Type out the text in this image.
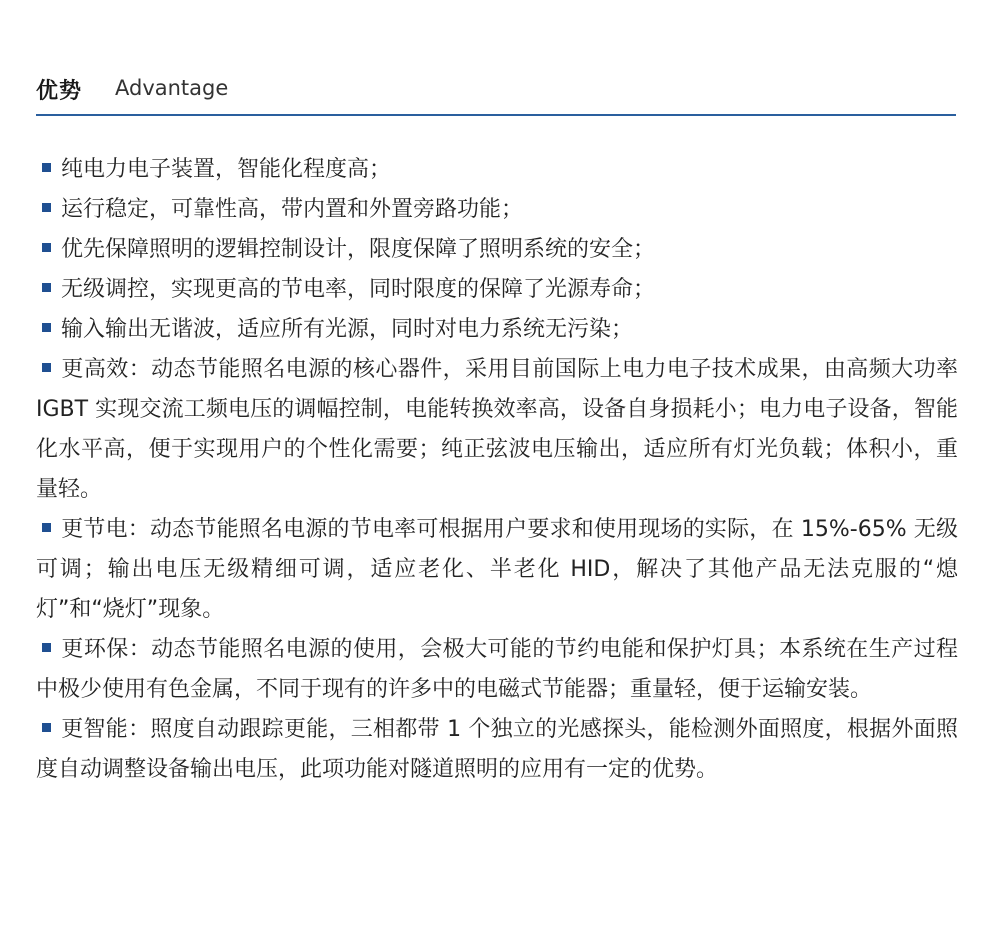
优势 Advantage
纯电力电子装置，智能化程度高；
运行稳定，可靠性高，带内置和外置旁路功能；
优先保障照明的逻辑控制设计，限度保障了照明系统的安全；
无级调控，实现更高的节电率，同时限度的保障了光源寿命；
输入输出无谐波，适应所有光源，同时对电力系统无污染；
更高效：动态节能照名电源的核心器件，采用目前国际上电力电子技术成果，由高频大功率 IGBT 实现交流工频电压的调幅控制，电能转换效率高，设备自身损耗小；电力电子设备，智能化水平高，便于实现用户的个性化需要；纯正弦波电压输出，适应所有灯光负载；体积小，重量轻。
更节电：动态节能照名电源的节电率可根据用户要求和使用现场的实际，在 15%-65% 无级可调；输出电压无级精细可调，适应老化、半老化 HID，解决了其他产品无法克服的“熄灯”和“烧灯”现象。
更环保：动态节能照名电源的使用，会极大可能的节约电能和保护灯具；本系统在生产过程中极少使用有色金属，不同于现有的许多中的电磁式节能器；重量轻，便于运输安装。
更智能：照度自动跟踪更能，三相都带 1 个独立的光感探头，能检测外面照度，根据外面照度自动调整设备输出电压，此项功能对隧道照明的应用有一定的优势。
